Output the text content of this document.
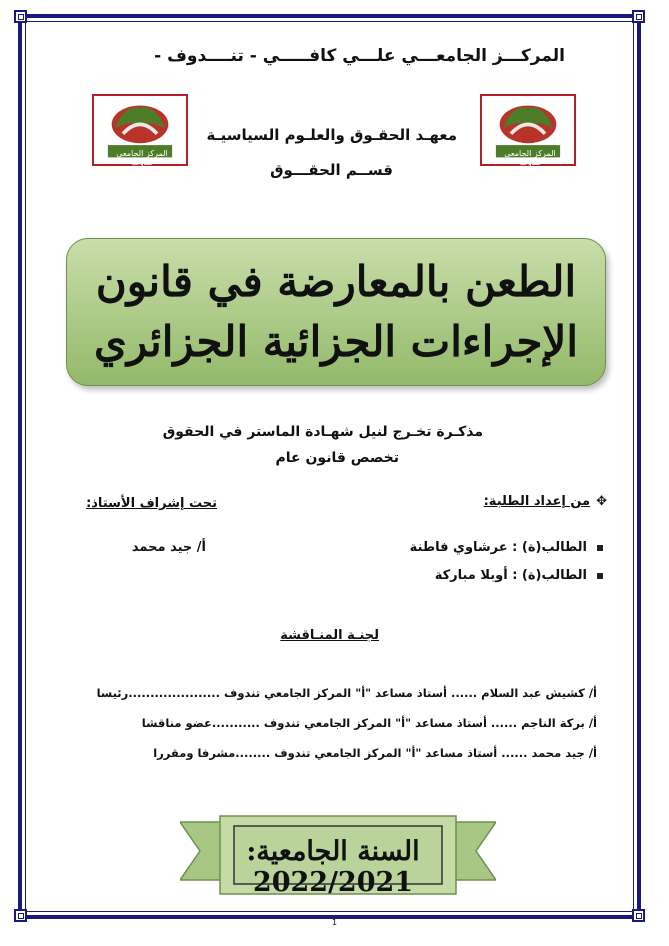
المركـــز الجامعـــي علـــي كافـــــي - تنــــدوف -
المركز الجامعي تندوف
المركز الجامعي تندوف
معهـد الحقـوق والعلـوم السياسيـة
قســم الحقـــوق
الطعن بالمعارضة في قانون
الإجراءات الجزائية الجزائري
مذكـرة تخـرج لنيل شهـادة الماستر في الحقوق
تخصص قانون عام
✥من إعداد الطلبة:
تحت إشراف الأستاذ:
الطالب(ة) : عرشاوي فاطنة
الطالب(ة) : أوبلا مباركة
أ/ جيد محمد
لجنـة المنـاقشة
أ/ كشيش عبد السلام ...... أستاذ مساعد "أ" المركز الجامعي تندوف .....................رئيسا
أ/ بركة الناجم ...... أستاذ مساعد "أ" المركز الجامعي تندوف ...........عضو مناقشا
أ/ جيد محمد ...... أستاذ مساعد "أ" المركز الجامعي تندوف ........مشرفا ومقررا
السنة الجامعية: 2022/2021
1
